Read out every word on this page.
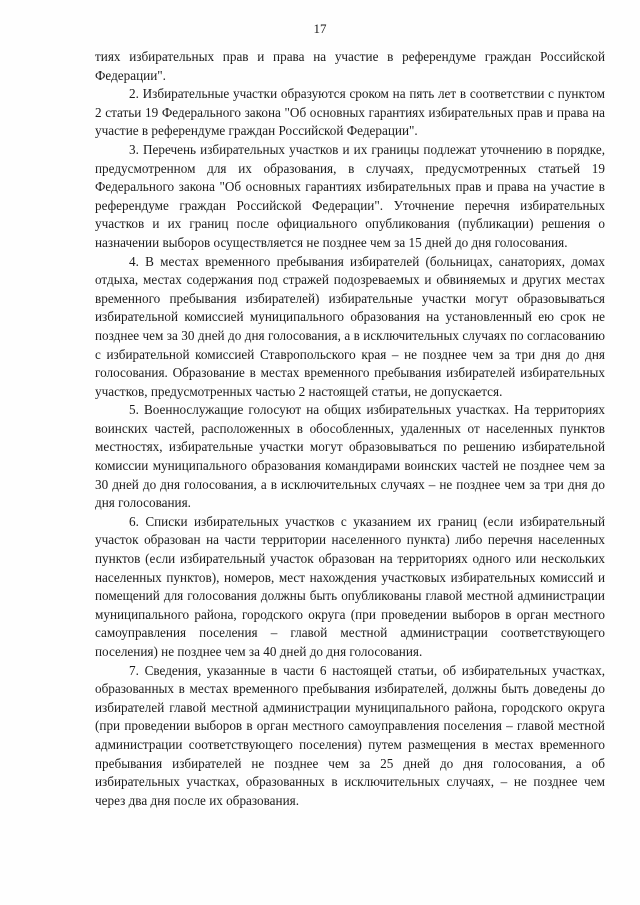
17

тиях избирательных прав и права на участие в референдуме граждан Российской Федерации".

2. Избирательные участки образуются сроком на пять лет в соответствии с пунктом 2 статьи 19 Федерального закона "Об основных гарантиях избирательных прав и права на участие в референдуме граждан Российской Федерации".

3. Перечень избирательных участков и их границы подлежат уточнению в порядке, предусмотренном для их образования, в случаях, предусмотренных статьей 19 Федерального закона "Об основных гарантиях избирательных прав и права на участие в референдуме граждан Российской Федерации". Уточнение перечня избирательных участков и их границ после официального опубликования (публикации) решения о назначении выборов осуществляется не позднее чем за 15 дней до дня голосования.

4. В местах временного пребывания избирателей (больницах, санаториях, домах отдыха, местах содержания под стражей подозреваемых и обвиняемых и других местах временного пребывания избирателей) избирательные участки могут образовываться избирательной комиссией муниципального образования на установленный ею срок не позднее чем за 30 дней до дня голосования, а в исключительных случаях по согласованию с избирательной комиссией Ставропольского края – не позднее чем за три дня до дня голосования. Образование в местах временного пребывания избирателей избирательных участков, предусмотренных частью 2 настоящей статьи, не допускается.

5. Военнослужащие голосуют на общих избирательных участках. На территориях воинских частей, расположенных в обособленных, удаленных от населенных пунктов местностях, избирательные участки могут образовываться по решению избирательной комиссии муниципального образования командирами воинских частей не позднее чем за 30 дней до дня голосования, а в исключительных случаях – не позднее чем за три дня до дня голосования.

6. Списки избирательных участков с указанием их границ (если избирательный участок образован на части территории населенного пункта) либо перечня населенных пунктов (если избирательный участок образован на территориях одного или нескольких населенных пунктов), номеров, мест нахождения участковых избирательных комиссий и помещений для голосования должны быть опубликованы главой местной администрации муниципального района, городского округа (при проведении выборов в орган местного самоуправления поселения – главой местной администрации соответствующего поселения) не позднее чем за 40 дней до дня голосования.

7. Сведения, указанные в части 6 настоящей статьи, об избирательных участках, образованных в местах временного пребывания избирателей, должны быть доведены до избирателей главой местной администрации муниципального района, городского округа (при проведении выборов в орган местного самоуправления поселения – главой местной администрации соответствующего поселения) путем размещения в местах временного пребывания избирателей не позднее чем за 25 дней до дня голосования, а об избирательных участках, образованных в исключительных случаях, – не позднее чем через два дня после их образования.
